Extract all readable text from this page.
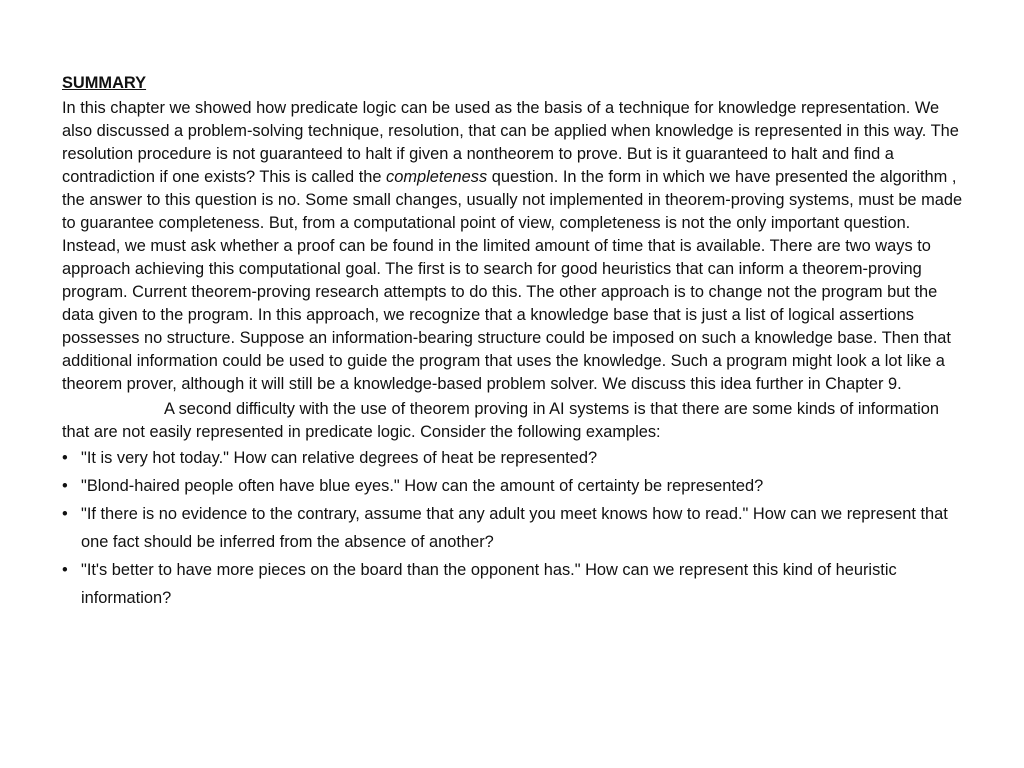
SUMMARY

In this chapter we showed how predicate logic can be used as the basis of a technique for knowledge representation. We also discussed a problem-solving technique, resolution, that can be applied when knowledge is represented in this way. The resolution procedure is not guaranteed to halt if given a nontheorem to prove. But is it guaranteed to halt and find a contradiction if one exists? This is called the completeness question. In the form in which we have presented the algorithm , the answer to this question is no. Some small changes, usually not implemented in theorem-proving systems, must be made to guarantee completeness. But, from a computational point of view, completeness is not the only important question. Instead, we must ask whether a proof can be found in the limited amount of time that is available. There are two ways to approach achieving this computational goal. The first is to search for good heuristics that can inform a theorem-proving program. Current theorem-proving research attempts to do this. The other approach is to change not the program but the data given to the program. In this approach, we recognize that a knowledge base that is just a list of logical assertions possesses no structure. Suppose an information-bearing structure could be imposed on such a knowledge base. Then that additional information could be used to guide the program that uses the knowledge. Such a program might look a lot like a theorem prover, although it will still be a knowledge-based problem solver. We discuss this idea further in Chapter 9.

A second difficulty with the use of theorem proving in AI systems is that there are some kinds of information that are not easily represented in predicate logic. Consider the following examples:

• "It is very hot today." How can relative degrees of heat be represented?
• "Blond-haired people often have blue eyes." How can the amount of certainty be represented?
• "If there is no evidence to the contrary, assume that any adult you meet knows how to read." How can we represent that one fact should be inferred from the absence of another?
• "It's better to have more pieces on the board than the opponent has." How can we represent this kind of heuristic information?
